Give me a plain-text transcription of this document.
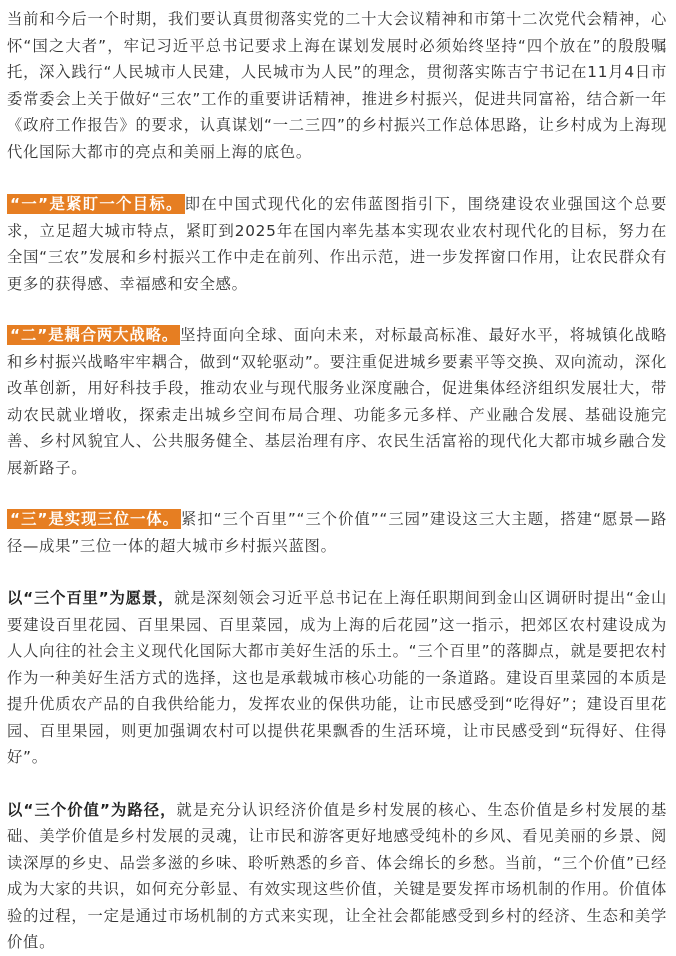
当前和今后一个时期，我们要认真贯彻落实党的二十大会议精神和市第十二次党代会精神，心怀“国之大者”，牢记习近平总书记要求上海在谋划发展时必须始终坚持“四个放在”的殷殷嘱托，深入践行“人民城市人民建，人民城市为人民”的理念，贯彻落实陈吉宁书记在11月4日市委常委会上关于做好“三农”工作的重要讲话精神，推进乡村振兴，促进共同富裕，结合新一年《政府工作报告》的要求，认真谋划“一二三四”的乡村振兴工作总体思路，让乡村成为上海现代化国际大都市的亮点和美丽上海的底色。

“一”是紧盯一个目标。 即在中国式现代化的宏伟蓝图指引下，围绕建设农业强国这个总要求，立足超大城市特点，紧盯到2025年在国内率先基本实现农业农村现代化的目标，努力在全国“三农”发展和乡村振兴工作中走在前列、作出示范，进一步发挥窗口作用，让农民群众有更多的获得感、幸福感和安全感。

“二”是耦合两大战略。 坚持面向全球、面向未来，对标最高标准、最好水平，将城镇化战略和乡村振兴战略牢牢耦合，做到“双轮驱动”。要注重促进城乡要素平等交换、双向流动，深化改革创新，用好科技手段，推动农业与现代服务业深度融合，促进集体经济组织发展壮大，带动农民就业增收，探索走出城乡空间布局合理、功能多元多样、产业融合发展、基础设施完善、乡村风貌宜人、公共服务健全、基层治理有序、农民生活富裕的现代化大都市城乡融合发展新路子。

“三”是实现三位一体。 紧扣“三个百里”“三个价值”“三园”建设这三大主题，搭建“愿景—路径—成果”三位一体的超大城市乡村振兴蓝图。

以“三个百里”为愿景，就是深刻领会习近平总书记在上海任职期间到金山区调研时提出“金山要建设百里花园、百里果园、百里菜园，成为上海的后花园”这一指示，把郊区农村建设成为人人向往的社会主义现代化国际大都市美好生活的乐土。“三个百里”的落脚点，就是要把农村作为一种美好生活方式的选择，这也是承载城市核心功能的一条道路。建设百里菜园的本质是提升优质农产品的自我供给能力，发挥农业的保供功能，让市民感受到“吃得好”；建设百里花园、百里果园，则更加强调农村可以提供花果飘香的生活环境，让市民感受到“玩得好、住得好”。

以“三个价值”为路径，就是充分认识经济价值是乡村发展的核心、生态价值是乡村发展的基础、美学价值是乡村发展的灵魂，让市民和游客更好地感受纯朴的乡风、看见美丽的乡景、阅读深厚的乡史、品尝多滋的乡味、聆听熟悉的乡音、体会绵长的乡愁。当前，“三个价值”已经成为大家的共识，如何充分彰显、有效实现这些价值，关键是要发挥市场机制的作用。价值体验的过程，一定是通过市场机制的方式来实现，让全社会都能感受到乡村的经济、生态和美学价值。
